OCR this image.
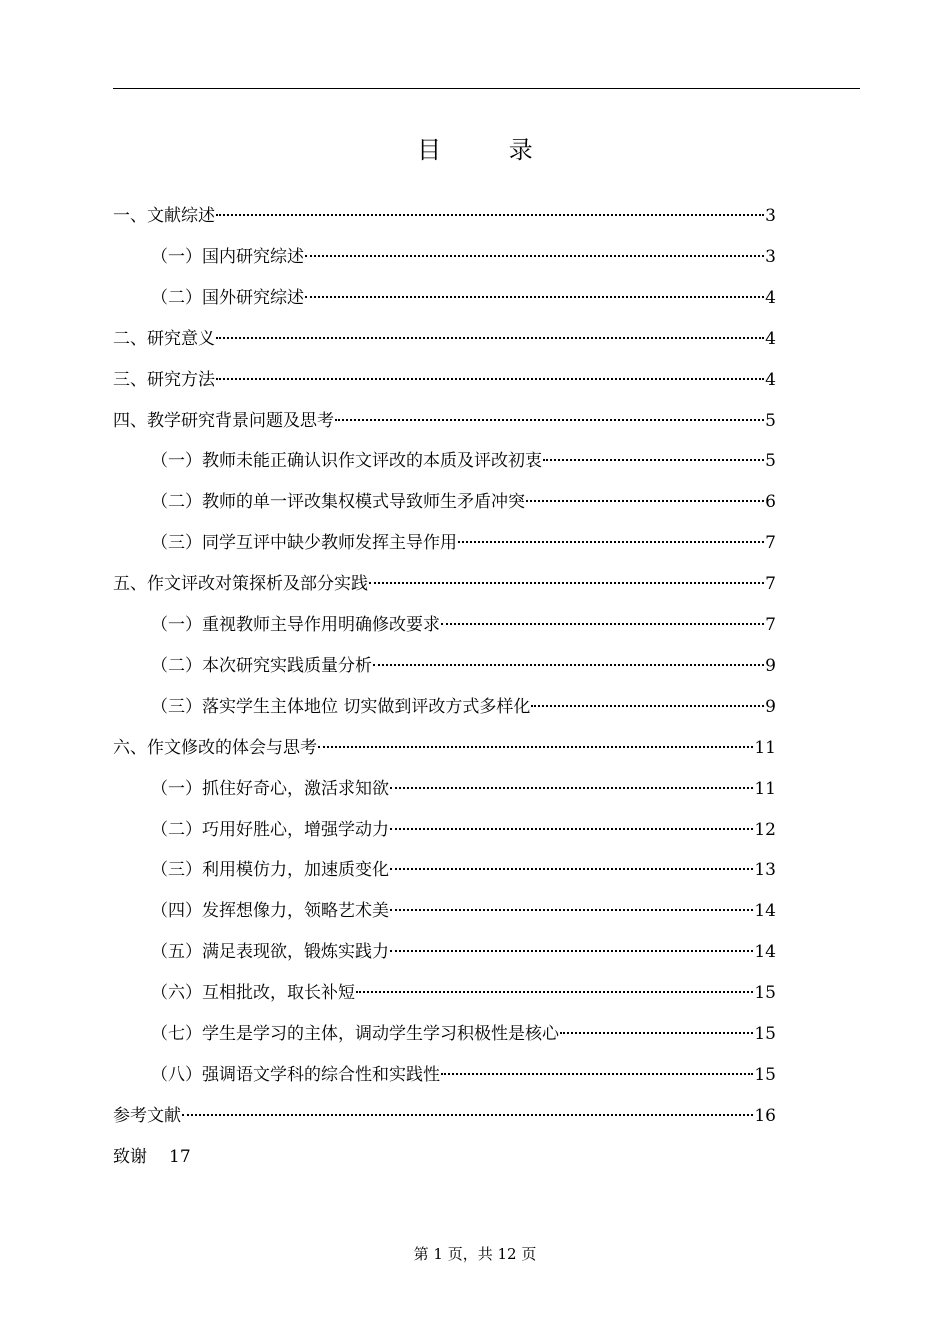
目 录
一、文献综述	3
（一）国内研究综述	3
（二）国外研究综述	4
二、研究意义	4
三、研究方法	4
四、教学研究背景问题及思考	5
（一）教师未能正确认识作文评改的本质及评改初衷	5
（二）教师的单一评改集权模式导致师生矛盾冲突	6
（三）同学互评中缺少教师发挥主导作用	7
五、作文评改对策探析及部分实践	7
（一）重视教师主导作用明确修改要求	7
（二）本次研究实践质量分析	9
（三）落实学生主体地位 切实做到评改方式多样化	9
六、作文修改的体会与思考	11
（一）抓住好奇心，激活求知欲	11
（二）巧用好胜心，增强学动力	12
（三）利用模仿力，加速质变化	13
（四）发挥想像力，领略艺术美	14
（五）满足表现欲，锻炼实践力	14
（六）互相批改，取长补短	15
（七）学生是学习的主体，调动学生学习积极性是核心	15
（八）强调语文学科的综合性和实践性	15
参考文献	16
致谢 17
第 1 页，共 12 页
